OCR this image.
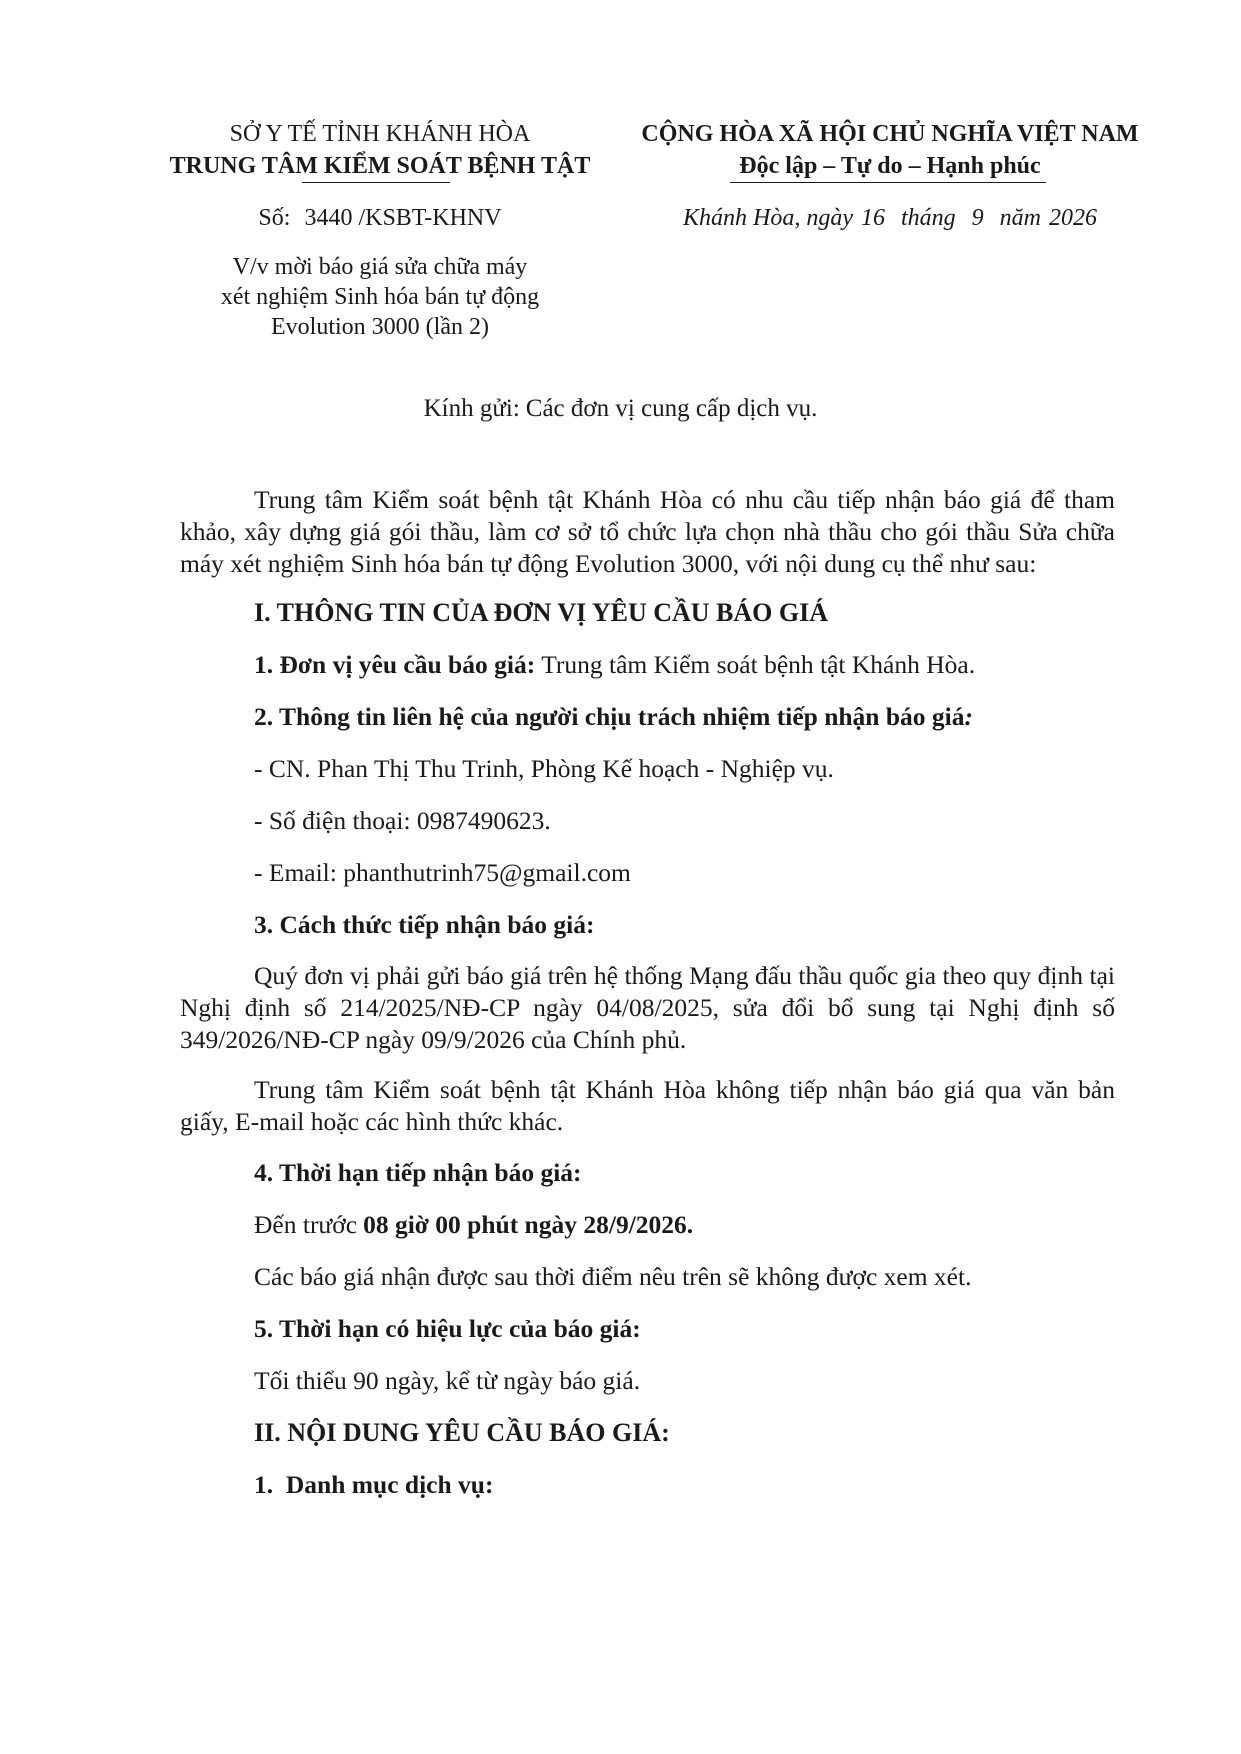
SỞ Y TẾ TỈNH KHÁNH HÒA
TRUNG TÂM KIỂM SOÁT BỆNH TẬT
CỘNG HÒA XÃ HỘI CHỦ NGHĨA VIỆT NAM
Độc lập – Tự do – Hạnh phúc
Số: 3440 /KSBT-KHNV	Khánh Hòa, ngày 16 tháng 9 năm 2026
V/v mời báo giá sửa chữa máy
xét nghiệm Sinh hóa bán tự động
Evolution 3000 (lần 2)
Kính gửi: Các đơn vị cung cấp dịch vụ.

Trung tâm Kiểm soát bệnh tật Khánh Hòa có nhu cầu tiếp nhận báo giá để tham khảo, xây dựng giá gói thầu, làm cơ sở tổ chức lựa chọn nhà thầu cho gói thầu Sửa chữa máy xét nghiệm Sinh hóa bán tự động Evolution 3000, với nội dung cụ thể như sau:

I. THÔNG TIN CỦA ĐƠN VỊ YÊU CẦU BÁO GIÁ

1. Đơn vị yêu cầu báo giá: Trung tâm Kiểm soát bệnh tật Khánh Hòa.

2. Thông tin liên hệ của người chịu trách nhiệm tiếp nhận báo giá:

- CN. Phan Thị Thu Trinh, Phòng Kế hoạch - Nghiệp vụ.

- Số điện thoại: 0987490623.

- Email: phanthutrinh75@gmail.com

3. Cách thức tiếp nhận báo giá:

Quý đơn vị phải gửi báo giá trên hệ thống Mạng đấu thầu quốc gia theo quy định tại Nghị định số 214/2025/NĐ-CP ngày 04/08/2025, sửa đổi bổ sung tại Nghị định số 349/2026/NĐ-CP ngày 09/9/2026 của Chính phủ.

Trung tâm Kiểm soát bệnh tật Khánh Hòa không tiếp nhận báo giá qua văn bản giấy, E-mail hoặc các hình thức khác.

4. Thời hạn tiếp nhận báo giá:

Đến trước 08 giờ 00 phút ngày 28/9/2026.

Các báo giá nhận được sau thời điểm nêu trên sẽ không được xem xét.

5. Thời hạn có hiệu lực của báo giá:

Tối thiểu 90 ngày, kể từ ngày báo giá.

II. NỘI DUNG YÊU CẦU BÁO GIÁ:

1.  Danh mục dịch vụ:
